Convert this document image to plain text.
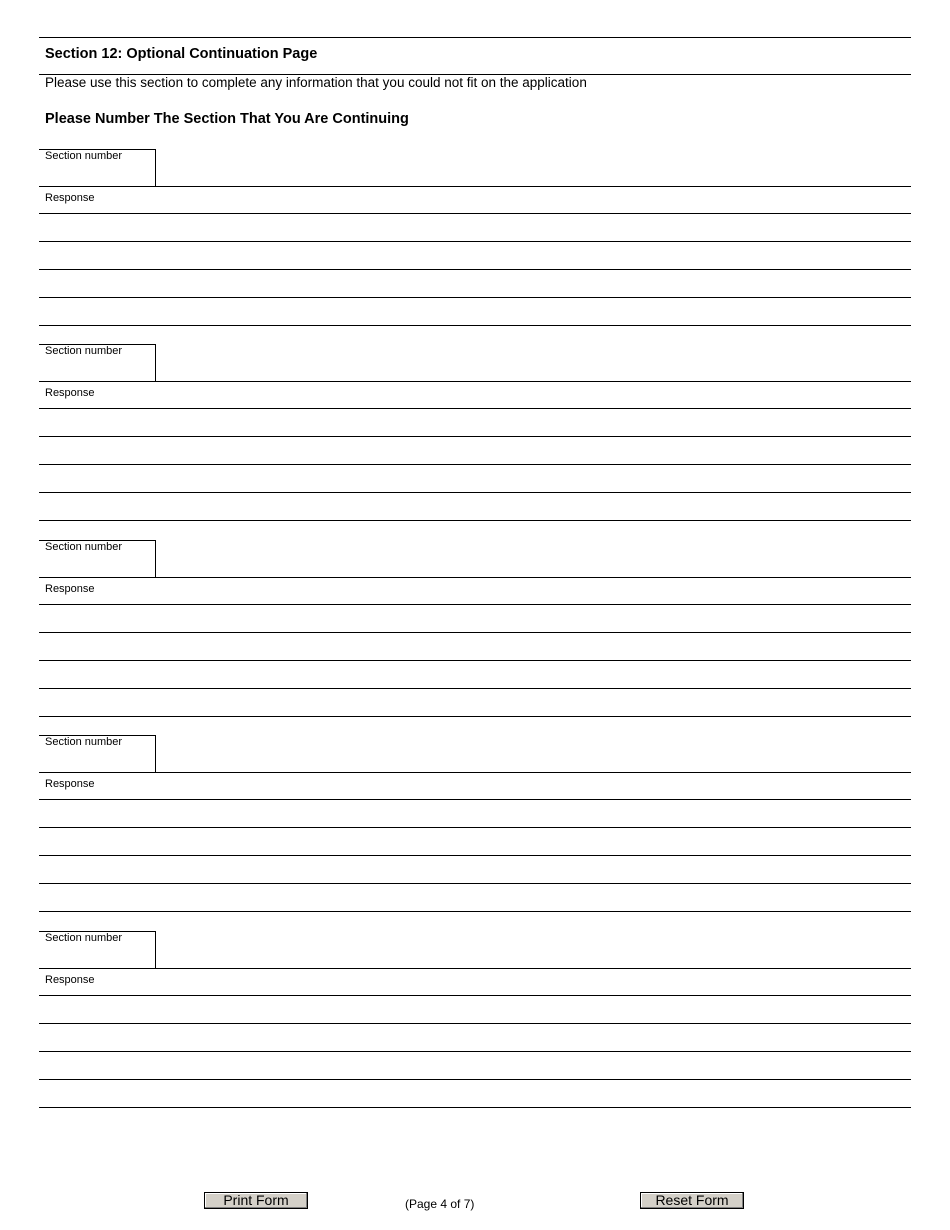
Section 12: Optional Continuation Page
Please use this section to complete any information that you could not fit on the application
Please Number The Section That You Are Continuing
Section number
Response
Section number
Response
Section number
Response
Section number
Response
Section number
Response
Print Form	(Page 4 of 7)	Reset Form
